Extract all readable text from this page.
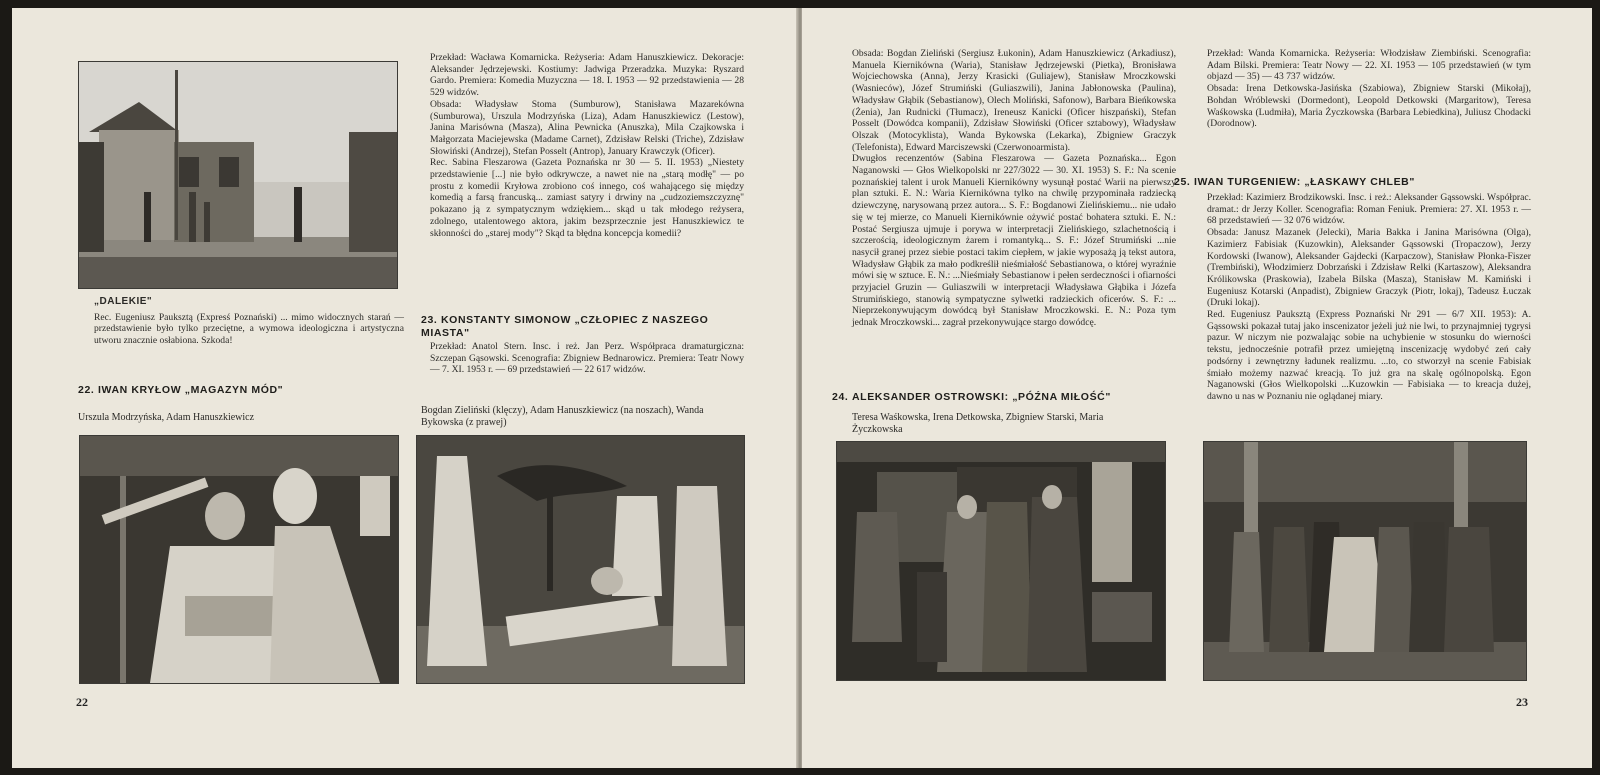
„DALEKIE"
Rec. Eugeniusz Pauksztą (Expresś Poznański) ... mimo widocznych starań — przedstawienie było tylko przeciętne, a wymowa ideologiczna i artystyczna utworu znacznie osłabiona. Szkoda!
22. IWAN KRYŁOW „MAGAZYN MÓD"
Urszula Modrzyńska, Adam Hanuszkiewicz

Przekład: Wacława Komarnicka. Reżyseria: Adam Hanuszkiewicz. Dekoracje: Aleksander Jędrzejewski. Kostiumy: Jadwiga Przeradzka. Muzyka: Ryszard Gardo. Premiera: Komedia Muzyczna — 18. I. 1953 — 92 przedstawienia — 28 529 widzów.
Obsada: Władysław Stoma (Sumburow), Stanisława Mazarekówna (Sumburowa), Urszula Modrzyńska (Liza), Adam Hanuszkiewicz (Lestow), Janina Marisówna (Masza), Alina Pewnicka (Anuszka), Mila Czajkowska i Małgorzata Maciejewska (Madame Carnet), Zdzisław Relski (Triche), Zdzisław Słowiński (Andrzej), Stefan Posselt (Antrop), January Krawczyk (Oficer).
Rec. Sabina Fleszarowa (Gazeta Poznańska nr 30 — 5. II. 1953) „Niestety przedstawienie [...] nie było odkrywcze, a nawet nie na „starą modłę" — po prostu z komedii Kryłowa zrobiono coś innego, coś wahającego się między komedią a farsą francuską... zamiast satyry i drwiny na „cudzoziemszczyznę" pokazano ją z sympatycznym wdziękiem... skąd u tak młodego reżysera, zdolnego, utalentowego aktora, jakim bezsprzecznie jest Hanuszkiewicz te skłonności do „starej mody"? Skąd ta błędna koncepcja komedii?

23. KONSTANTY SIMONOW „CZŁOPIEC Z NASZEGO MIASTA"

Przekład: Anatol Stern. Insc. i reż. Jan Perz. Współpraca dramaturgiczna: Szczepan Gąsowski. Scenografia: Zbigniew Bednarowicz. Premiera: Teatr Nowy — 7. XI. 1953 r. — 69 przedstawień — 22 617 widzów.

Bogdan Zieliński (klęczy), Adam Hanuszkiewicz (na noszach), Wanda Bykowska (z prawej)
22

Obsada: Bogdan Zieliński (Sergiusz Łukonin), Adam Hanuszkiewicz (Arkadiusz), Manuela Kiernikówna (Waria), Stanisław Jędrzejewski (Pietka), Bronisława Wojciechowska (Anna), Jerzy Krasicki (Guliajew), Stanisław Mroczkowski (Wasnieców), Józef Strumiński (Guliaszwili), Janina Jabłonowska (Paulina), Władysław Głąbik (Sebastianow), Olech Moliński, Safonow), Barbara Bieńkowska (Żenia), Jan Rudnicki (Tłumacz), Ireneusz Kanicki (Oficer hiszpański), Stefan Posselt (Dowódca kompanii), Zdzisław Słowiński (Oficer sztabowy), Władysław Olszak (Motocyklista), Wanda Bykowska (Lekarka), Zbigniew Graczyk (Telefonista), Edward Marciszewski (Czerwonoarmista).
Dwugłos recenzentów (Sabina Fleszarowa — Gazeta Poznańska... Egon Naganowski — Głos Wielkopolski nr 227/3022 — 30. XI. 1953) S. F.: Na scenie poznańskiej talent i urok Manueli Kiernikówny wysunął postać Warii na pierwszy plan sztuki. E. N.: Waria Kiernikówna tylko na chwilę przypominała radziecką dziewczynę, narysowaną przez autora... S. F.: Bogdanowi Zielińskiemu... nie udało się w tej mierze, co Manueli Kiernikównie ożywić postać bohatera sztuki. E. N.: Postać Sergiusza ujmuje i porywa w interpretacji Zielińskiego, szlachetnością i szczerością, ideologicznym żarem i romantyką... S. F.: Józef Strumiński ...nie nasycił granej przez siebie postaci takim ciepłem, w jakie wyposażą ją tekst autora, Władysław Głąbik za mało podkreślił nieśmiałość Sebastianowa, o której wyraźnie mówi się w sztuce. E. N.: ...Nieśmiały Sebastianow i pełen serdeczności i ofiarności przyjaciel Gruzin — Guliaszwili w interpretacji Władysława Głąbika i Józefa Strumińskiego, stanowią sympatyczne sylwetki radzieckich oficerów. S. F.: ... Nieprzekonywującym dowódcą był Stanisław Mroczkowski. E. N.: Poza tym jednak Mroczkowski... zagrał przekonywujące stargo dowódcę.

24. ALEKSANDER OSTROWSKI: „PÓŹNA MIŁOŚĆ"
Teresa Waśkowska, Irena Detkowska, Zbigniew Starski, Maria Życzkowska

Przekład: Wanda Komarnicka. Reżyseria: Włodzisław Ziembiński. Scenografia: Adam Bilski. Premiera: Teatr Nowy — 22. XI. 1953 — 105 przedstawień (w tym objazd — 35) — 43 737 widzów.
Obsada: Irena Detkowska-Jasińska (Szabiowa), Zbigniew Starski (Mikołaj), Bohdan Wróblewski (Dormedont), Leopold Detkowski (Margaritow), Teresa Waśkowska (Ludmiła), Maria Życzkowska (Barbara Lebiedkina), Juliusz Chodacki (Dorodnow).

25. IWAN TURGENIEW: „ŁASKAWY CHLEB"

Przekład: Kazimierz Brodzikowski. Insc. i reż.: Aleksander Gąssowski. Współprac. dramat.: dr Jerzy Koller. Scenografia: Roman Feniuk. Premiera: 27. XI. 1953 r. — 68 przedstawień — 32 076 widzów.
Obsada: Janusz Mazanek (Jelecki), Maria Bakka i Janina Marisówna (Olga), Kazimierz Fabisiak (Kuzowkin), Aleksander Gąssowski (Tropaczow), Jerzy Kordowski (Iwanow), Aleksander Gajdecki (Karpaczow), Stanisław Płonka-Fiszer (Trembiński), Włodzimierz Dobrzański i Zdzisław Relki (Kartaszow), Aleksandra Królikowska (Praskowia), Izabela Bilska (Masza), Stanisław M. Kamiński i Eugeniusz Kotarski (Anpadist), Zbigniew Graczyk (Piotr, lokaj), Tadeusz Łuczak (Druki lokaj).
Red. Eugeniusz Pauksztą (Express Poznański Nr 291 — 6/7 XII. 1953): A. Gąssowski pokazał tutaj jako inscenizator jeżeli już nie lwi, to przynajmniej tygrysi pazur. W niczym nie pozwalając sobie na uchybienie w stosunku do wierności tekstu, jednocześnie potrafił przez umiejętną inscenizację wydobyć zeń cały podsórny i zewnętrzny ładunek realizmu. ...to, co stworzył na scenie Fabisiak śmiało możemy nazwać kreacją. To już gra na skalę ogólnopolską. Egon Naganowski (Głos Wielkopolski ...Kuzowkin — Fabisiaka — to kreacja dużej, dawno u nas w Poznaniu nie oglądanej miary.

23
